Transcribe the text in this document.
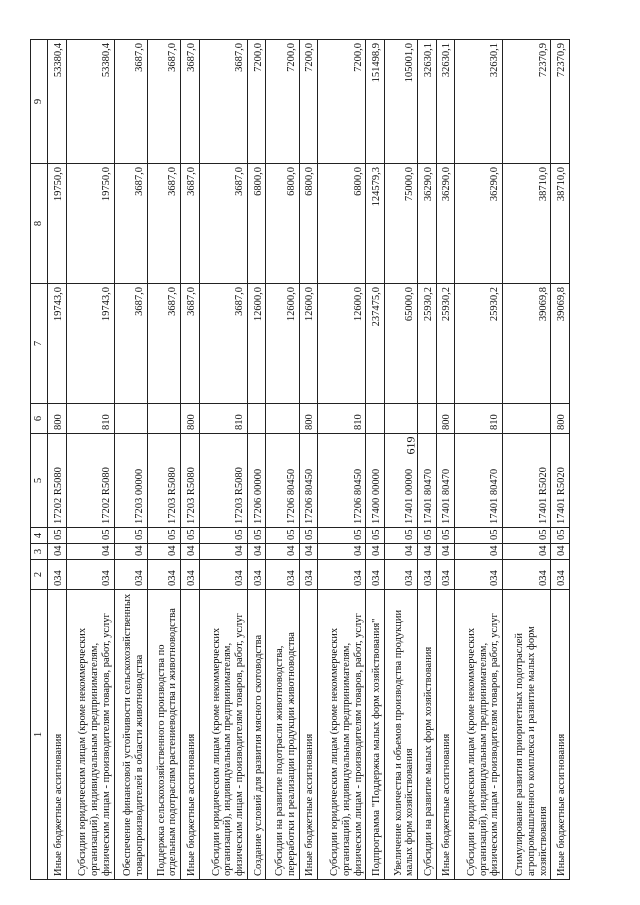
619
1	2	3	4	5	6	7	8	9
Иные бюджетные ассигнования	034	04	05	17202 R5080	800	19743,0	19750,0	53380,4
Субсидии юридическим лицам (кроме некоммерческих организаций), индивидуальным предпринимателям, физическим лицам - производителям товаров, работ, услуг	034	04	05	17202 R5080	810	19743,0	19750,0	53380,4
Обеспечение финансовой устойчивости сельскохозяйственных товаропроизводителей в области животноводства	034	04	05	17203 00000		3687,0	3687,0	3687,0
Поддержка сельскохозяйственного производства по отдельным подотраслям растениеводства и животноводства	034	04	05	17203 R5080		3687,0	3687,0	3687,0
Иные бюджетные ассигнования	034	04	05	17203 R5080	800	3687,0	3687,0	3687,0
Субсидии юридическим лицам (кроме некоммерческих организаций), индивидуальным предпринимателям, физическим лицам - производителям товаров, работ, услуг	034	04	05	17203 R5080	810	3687,0	3687,0	3687,0
Создание условий для развития мясного скотоводства	034	04	05	17206 00000		12600,0	6800,0	7200,0
Субсидии на развитие подотрасли животноводства, переработки и реализации продукции животноводства	034	04	05	17206 80450		12600,0	6800,0	7200,0
Иные бюджетные ассигнования	034	04	05	17206 80450	800	12600,0	6800,0	7200,0
Субсидии юридическим лицам (кроме некоммерческих организаций), индивидуальным предпринимателям, физическим лицам - производителям товаров, работ, услуг	034	04	05	17206 80450	810	12600,0	6800,0	7200,0
Подпрограмма "Поддержка малых форм хозяйствования"	034	04	05	17400 00000		237475,0	124579,3	151498,9
Увеличение количества и объемов производства продукции малых форм хозяйствования	034	04	05	17401 00000		65000,0	75000,0	105001,0
Субсидии на развитие малых форм хозяйствования	034	04	05	17401 80470		25930,2	36290,0	32630,1
Иные бюджетные ассигнования	034	04	05	17401 80470	800	25930,2	36290,0	32630,1
Субсидии юридическим лицам (кроме некоммерческих организаций), индивидуальным предпринимателям, физическим лицам - производителям товаров, работ, услуг	034	04	05	17401 80470	810	25930,2	36290,0	32630,1
Стимулирование развития приоритетных подотраслей агропромышленного комплекса и развитие малых форм хозяйствования	034	04	05	17401 R5020		39069,8	38710,0	72370,9
Иные бюджетные ассигнования	034	04	05	17401 R5020	800	39069,8	38710,0	72370,9
